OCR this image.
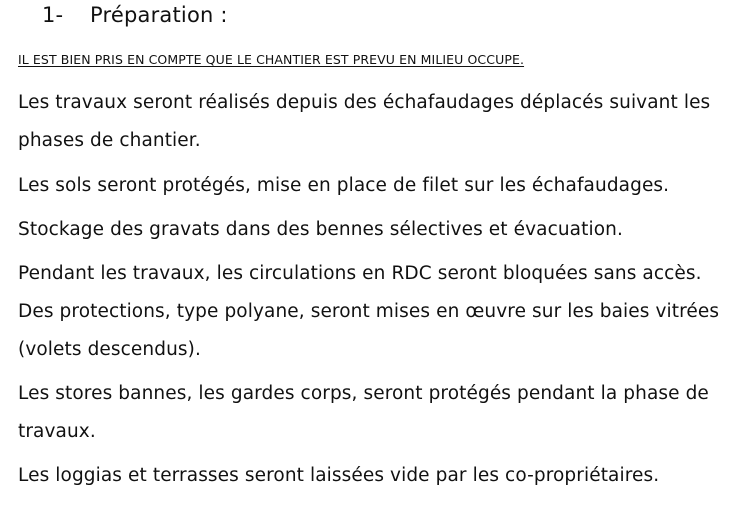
1- Préparation :
IL EST BIEN PRIS EN COMPTE QUE LE CHANTIER EST PREVU EN MILIEU OCCUPE.
Les travaux seront réalisés depuis des échafaudages déplacés suivant les
phases de chantier.
Les sols seront protégés, mise en place de filet sur les échafaudages.
Stockage des gravats dans des bennes sélectives et évacuation.
Pendant les travaux, les circulations en RDC seront bloquées sans accès.
Des protections, type polyane, seront mises en œuvre sur les baies vitrées
(volets descendus).
Les stores bannes, les gardes corps, seront protégés pendant la phase de
travaux.
Les loggias et terrasses seront laissées vide par les co-propriétaires.
